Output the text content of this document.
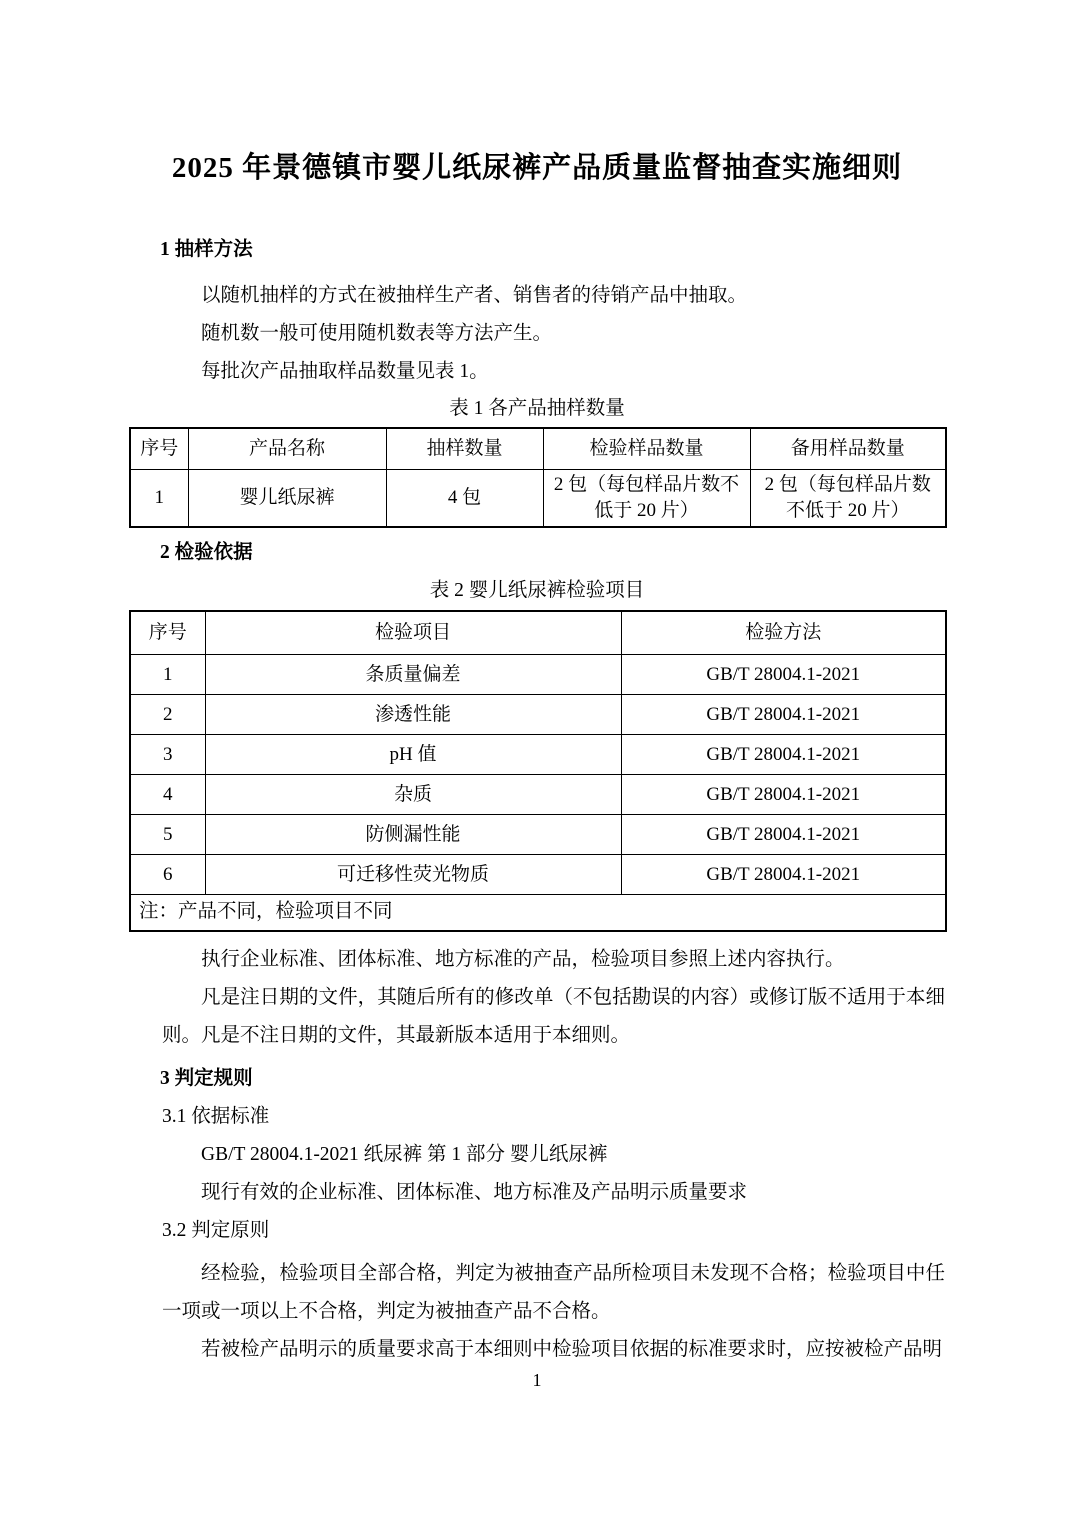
2025 年景德镇市婴儿纸尿裤产品质量监督抽查实施细则
1 抽样方法

以随机抽样的方式在被抽样生产者、销售者的待销产品中抽取。

随机数一般可使用随机数表等方法产生。

每批次产品抽取样品数量见表 1。

表 1 各产品抽样数量

序号	产品名称	抽样数量	检验样品数量	备用样品数量
1	婴儿纸尿裤	4 包	2 包（每包样品片数不低于 20 片）	2 包（每包样品片数不低于 20 片）
2 检验依据

表 2 婴儿纸尿裤检验项目

序号	检验项目	检验方法
1	条质量偏差	GB/T 28004.1-2021
2	渗透性能	GB/T 28004.1-2021
3	pH 值	GB/T 28004.1-2021
4	杂质	GB/T 28004.1-2021
5	防侧漏性能	GB/T 28004.1-2021
6	可迁移性荧光物质	GB/T 28004.1-2021
注：产品不同，检验项目不同		

执行企业标准、团体标准、地方标准的产品，检验项目参照上述内容执行。

凡是注日期的文件，其随后所有的修改单（不包括勘误的内容）或修订版不适用于本细则。凡是不注日期的文件，其最新版本适用于本细则。

3 判定规则

3.1 依据标准

GB/T 28004.1-2021 纸尿裤 第 1 部分 婴儿纸尿裤

现行有效的企业标准、团体标准、地方标准及产品明示质量要求

3.2 判定原则

经检验，检验项目全部合格，判定为被抽查产品所检项目未发现不合格；检验项目中任一项或一项以上不合格，判定为被抽查产品不合格。

若被检产品明示的质量要求高于本细则中检验项目依据的标准要求时，应按被检产品明

1
